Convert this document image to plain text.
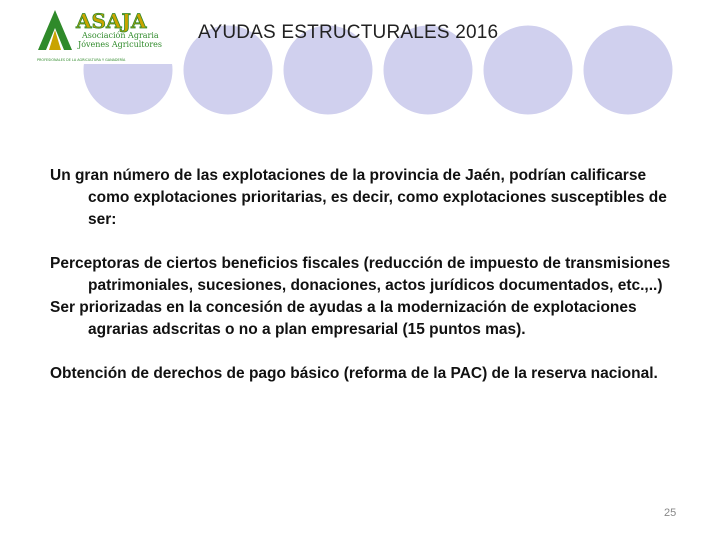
ASAJA
Asociación Agraria
Jóvenes Agricultores
PROFESIONALES DE LA AGRICULTURA Y GANADERÍA
AYUDAS ESTRUCTURALES 2016

Un gran número de las explotaciones de la provincia de Jaén, podrían calificarse como explotaciones prioritarias, es decir, como explotaciones susceptibles de ser:

Perceptoras de ciertos beneficios fiscales (reducción de impuesto de transmisiones patrimoniales, sucesiones, donaciones, actos jurídicos documentados, etc.,..)

Ser priorizadas en la concesión de ayudas a la modernización de explotaciones agrarias adscritas o no a plan empresarial (15 puntos mas).

Obtención de derechos de pago básico (reforma de la PAC) de la reserva nacional.

25
